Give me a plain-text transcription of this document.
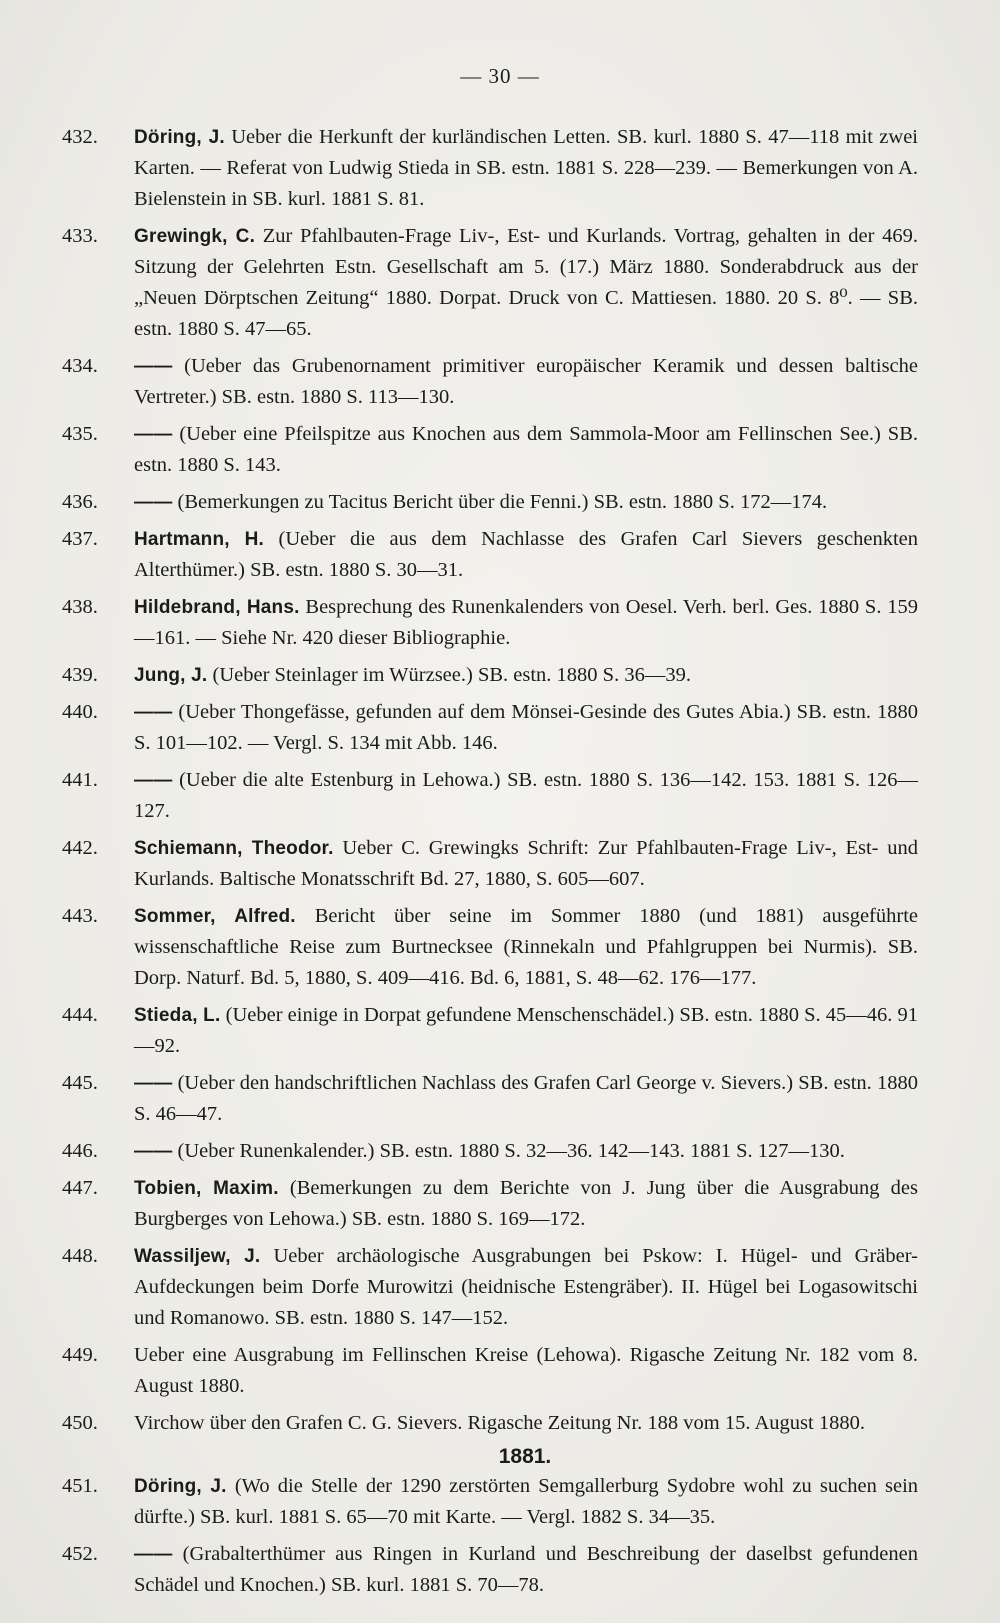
— 30 —
432.	Döring, J. Ueber die Herkunft der kurländischen Letten. SB. kurl. 1880 S. 47—118 mit zwei Karten. — Referat von Ludwig Stieda in SB. estn. 1881 S. 228—239. — Bemerkungen von A. Bielenstein in SB. kurl. 1881 S. 81.
433.	Grewingk, C. Zur Pfahlbauten-Frage Liv-, Est- und Kurlands. Vortrag, gehalten in der 469. Sitzung der Gelehrten Estn. Gesellschaft am 5. (17.) März 1880. Sonderabdruck aus der „Neuen Dörptschen Zeitung“ 1880. Dorpat. Druck von C. Mattiesen. 1880. 20 S. 8⁰. — SB. estn. 1880 S. 47—65.
434.	—— (Ueber das Grubenornament primitiver europäischer Keramik und dessen baltische Vertreter.) SB. estn. 1880 S. 113—130.
435.	—— (Ueber eine Pfeilspitze aus Knochen aus dem Sammola-Moor am Fellinschen See.) SB. estn. 1880 S. 143.
436.	—— (Bemerkungen zu Tacitus Bericht über die Fenni.) SB. estn. 1880 S. 172—174.
437.	Hartmann, H. (Ueber die aus dem Nachlasse des Grafen Carl Sievers geschenkten Alterthümer.) SB. estn. 1880 S. 30—31.
438.	Hildebrand, Hans. Besprechung des Runenkalenders von Oesel. Verh. berl. Ges. 1880 S. 159—161. — Siehe Nr. 420 dieser Bibliographie.
439.	Jung, J. (Ueber Steinlager im Würzsee.) SB. estn. 1880 S. 36—39.
440.	—— (Ueber Thongefässe, gefunden auf dem Mönsei-Gesinde des Gutes Abia.) SB. estn. 1880 S. 101—102. — Vergl. S. 134 mit Abb. 146.
441.	—— (Ueber die alte Estenburg in Lehowa.) SB. estn. 1880 S. 136—142. 153. 1881 S. 126—127.
442.	Schiemann, Theodor. Ueber C. Grewingks Schrift: Zur Pfahlbauten-Frage Liv-, Est- und Kurlands. Baltische Monatsschrift Bd. 27, 1880, S. 605—607.
443.	Sommer, Alfred. Bericht über seine im Sommer 1880 (und 1881) ausgeführte wissenschaftliche Reise zum Burtnecksee (Rinnekaln und Pfahlgruppen bei Nurmis). SB. Dorp. Naturf. Bd. 5, 1880, S. 409—416. Bd. 6, 1881, S. 48—62. 176—177.
444.	Stieda, L. (Ueber einige in Dorpat gefundene Menschenschädel.) SB. estn. 1880 S. 45—46. 91—92.
445.	—— (Ueber den handschriftlichen Nachlass des Grafen Carl George v. Sievers.) SB. estn. 1880 S. 46—47.
446.	—— (Ueber Runenkalender.) SB. estn. 1880 S. 32—36. 142—143. 1881 S. 127—130.
447.	Tobien, Maxim. (Bemerkungen zu dem Berichte von J. Jung über die Ausgrabung des Burgberges von Lehowa.) SB. estn. 1880 S. 169—172.
448.	Wassiljew, J. Ueber archäologische Ausgrabungen bei Pskow: I. Hügel- und Gräber-Aufdeckungen beim Dorfe Murowitzi (heidnische Estengräber). II. Hügel bei Logasowitschi und Romanowo. SB. estn. 1880 S. 147—152.
449.	Ueber eine Ausgrabung im Fellinschen Kreise (Lehowa). Rigasche Zeitung Nr. 182 vom 8. August 1880.
450.	Virchow über den Grafen C. G. Sievers. Rigasche Zeitung Nr. 188 vom 15. August 1880.
1881.
451.	Döring, J. (Wo die Stelle der 1290 zerstörten Semgallerburg Sydobre wohl zu suchen sein dürfte.) SB. kurl. 1881 S. 65—70 mit Karte. — Vergl. 1882 S. 34—35.
452.	—— (Grabalterthümer aus Ringen in Kurland und Beschreibung der daselbst gefundenen Schädel und Knochen.) SB. kurl. 1881 S. 70—78.
